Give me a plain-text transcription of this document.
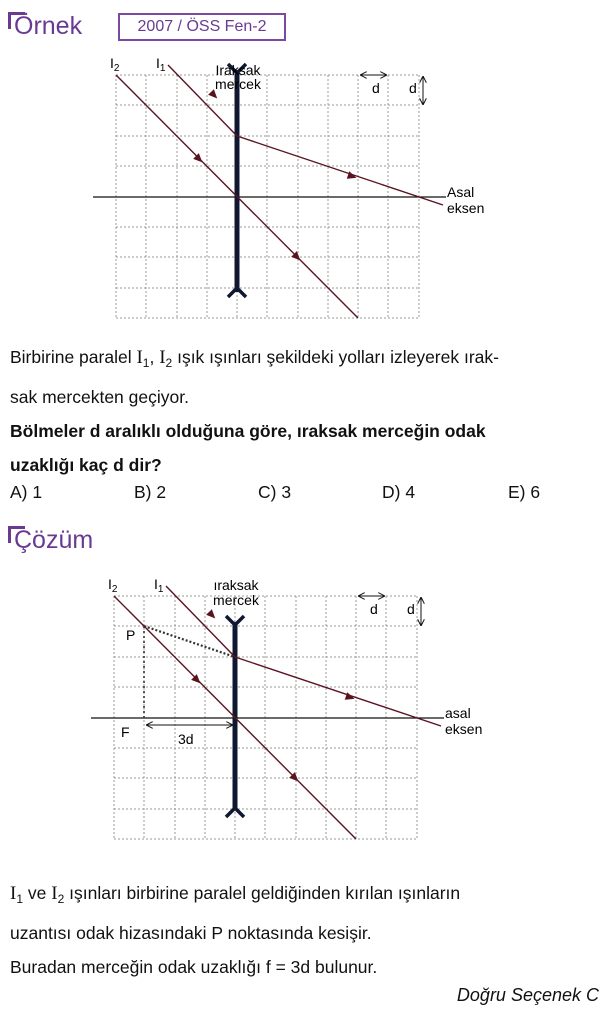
Örnek	2007 / ÖSS Fen-2
d d
$I_2$	$I_1$	Iraksak
mercek
Asal
eksen
Birbirine paralel $I_1$, $I_2$ ışık ışınları şekildeki yolları izleyerek ırak-
sak mercekten geçiyor.
Bölmeler d aralıklı olduğuna göre, ıraksak merceğin odak
uzaklığı kaç d dir?
A) 1	B) 2	C) 3	D) 4	E) 6
Çözüm
d d
$I_2$	$I_1$	ıraksak
mercek
asal
eksen
P
F	3d
$I_1$ ve $I_2$ ışınları birbirine paralel geldiğinden kırılan ışınların
uzantısı odak hizasındaki P noktasında kesişir.
Buradan merceğin odak uzaklığı f = 3d bulunur.
Doğru Seçenek C
